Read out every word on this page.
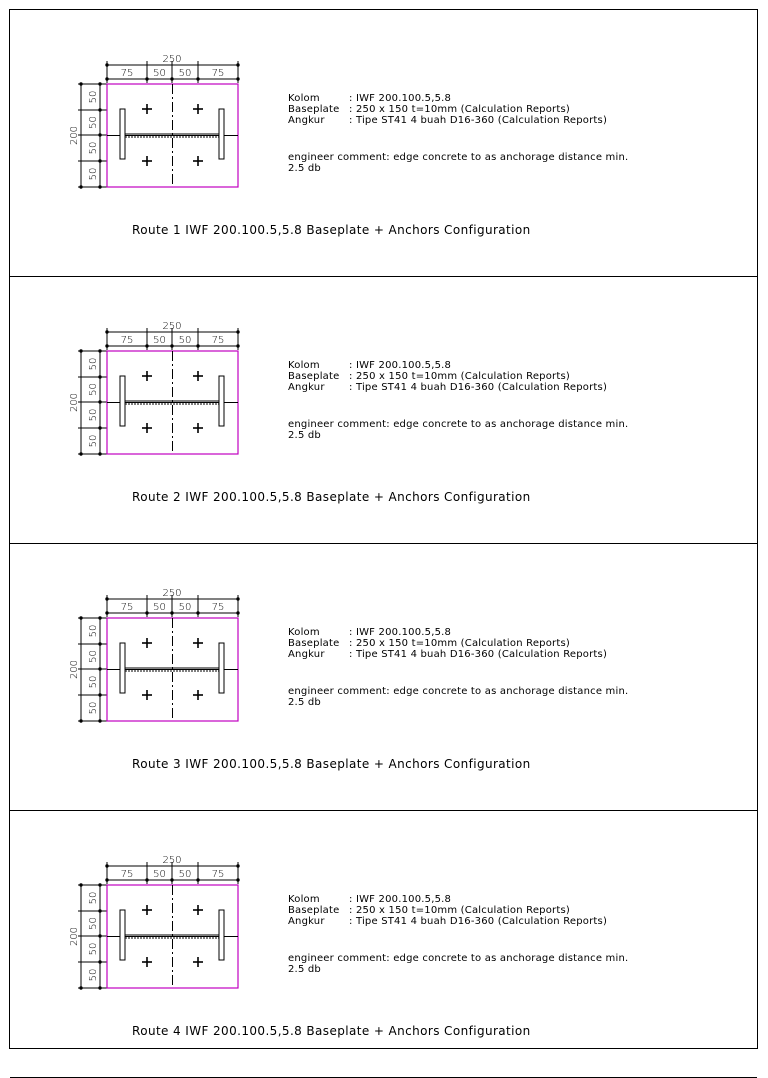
250
75 50 50 75
200
50
50
50
50
Kolom	: IWF 200.100.5,5.8
Baseplate : 250 x 150 t=10mm (Calculation Reports)
Angkur : Tipe ST41 4 buah D16-360 (Calculation Reports)
engineer comment: edge concrete to as anchorage distance min.
2.5 db
Route 1 IWF 200.100.5,5.8 Baseplate + Anchors Configuration
250
75 50 50 75
200
50
50
50
50
Kolom	: IWF 200.100.5,5.8
Baseplate : 250 x 150 t=10mm (Calculation Reports)
Angkur : Tipe ST41 4 buah D16-360 (Calculation Reports)
engineer comment: edge concrete to as anchorage distance min.
2.5 db
Route 2 IWF 200.100.5,5.8 Baseplate + Anchors Configuration
250
75 50 50 75
200
50
50
50
50
Kolom	: IWF 200.100.5,5.8
Baseplate : 250 x 150 t=10mm (Calculation Reports)
Angkur : Tipe ST41 4 buah D16-360 (Calculation Reports)
engineer comment: edge concrete to as anchorage distance min.
2.5 db
Route 3 IWF 200.100.5,5.8 Baseplate + Anchors Configuration
250
75 50 50 75
200
50
50
50
50
Kolom	: IWF 200.100.5,5.8
Baseplate : 250 x 150 t=10mm (Calculation Reports)
Angkur : Tipe ST41 4 buah D16-360 (Calculation Reports)
engineer comment: edge concrete to as anchorage distance min.
2.5 db
Route 4 IWF 200.100.5,5.8 Baseplate + Anchors Configuration
